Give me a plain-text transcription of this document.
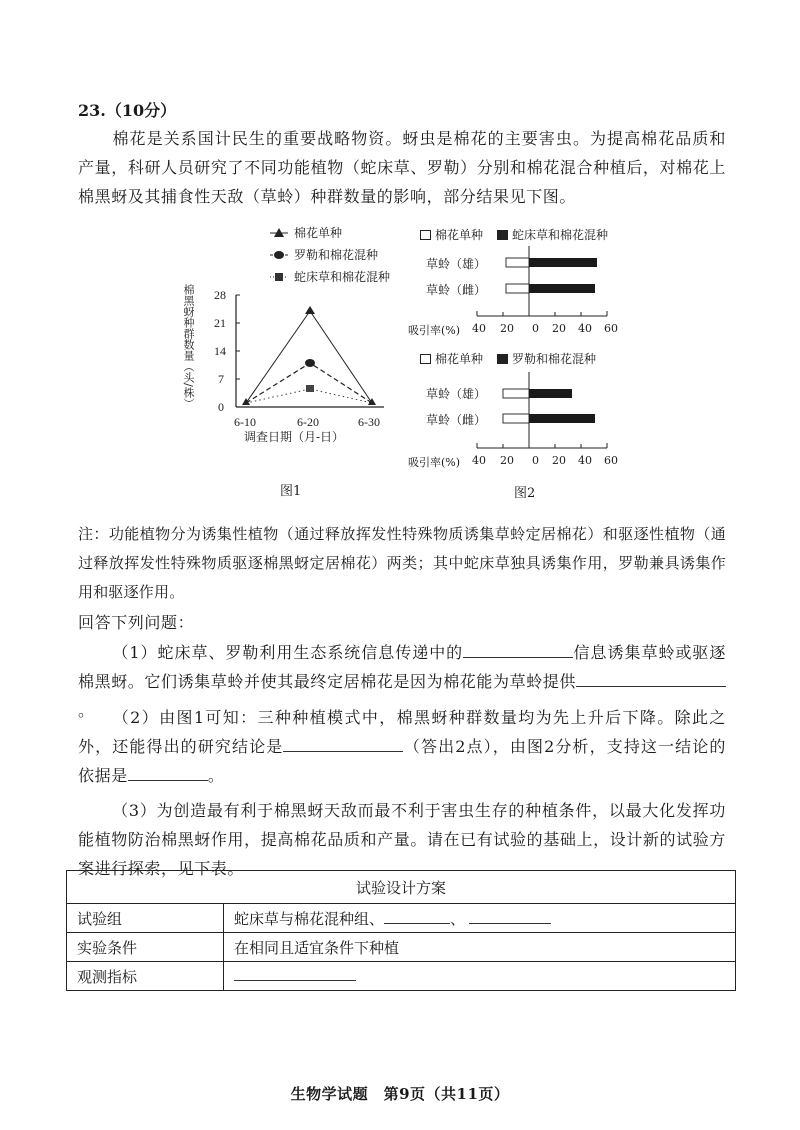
23.（10分）
棉花是关系国计民生的重要战略物资。蚜虫是棉花的主要害虫。为提高棉花品质和产量，科研人员研究了不同功能植物（蛇床草、罗勒）分别和棉花混合种植后，对棉花上棉黑蚜及其捕食性天敌（草蛉）种群数量的影响，部分结果见下图。
棉花单种
罗勒和棉花混种
蛇床草和棉花混种
棉黑蚜种群数量（头/株） 28
21
14
7
0
6-10	6-20	6-30
调查日期（月-日）
图1
棉花单种 蛇床草和棉花混种
草蛉（雄）
草蛉（雌）
吸引率(%) 40 20 0 20 40 60
棉花单种 罗勒和棉花混种
草蛉（雄）
草蛉（雌）
吸引率(%) 40 20 0 20 40 60
图2
注：功能植物分为诱集性植物（通过释放挥发性特殊物质诱集草蛉定居棉花）和驱逐性植物（通过释放挥发性特殊物质驱逐棉黑蚜定居棉花）两类；其中蛇床草独具诱集作用，罗勒兼具诱集作用和驱逐作用。
回答下列问题：
（1）蛇床草、罗勒利用生态系统信息传递中的	信息诱集草蛉或驱逐棉黑蚜。它们诱集草蛉并使其最终定居棉花是因为棉花能为草蛉提供。	（2）由图1可知：三种种植模式中，棉黑蚜种群数量均为先上升后下降。除此之外，还能得出的研究结论是	（答出2点），由图2分析，支持这一结论的依据是	。
（3）为创造最有利于棉黑蚜天敌而最不利于害虫生存的种植条件，以最大化发挥功能植物防治棉黑蚜作用，提高棉花品质和产量。请在已有试验的基础上，设计新的试验方案进行探索，见下表。
试验设计方案	
试验组	蛇床草与棉花混种组、 、
实验条件	在相同且适宜条件下种植
观测指标	
生物学试题　第9页（共11页）
